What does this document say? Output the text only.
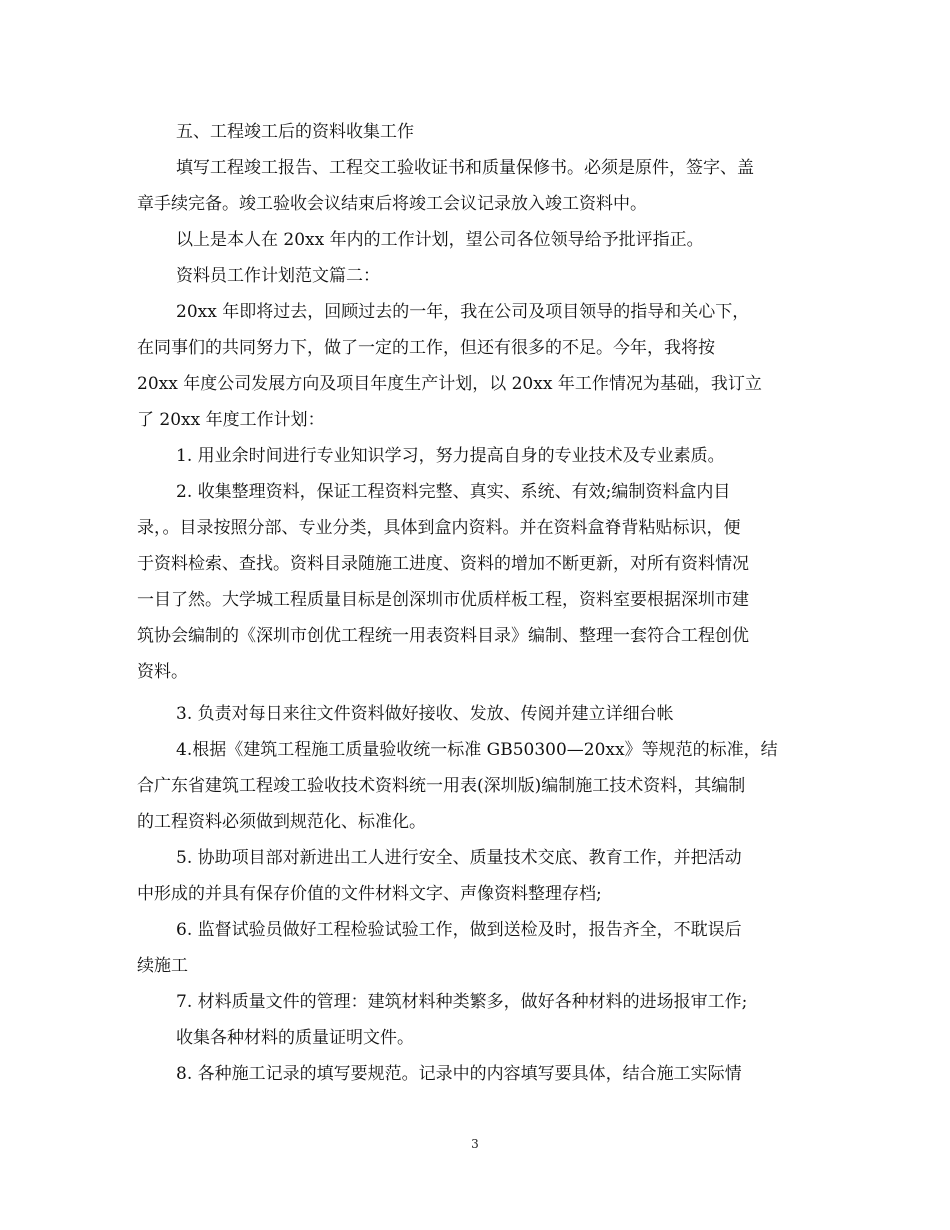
五、工程竣工后的资料收集工作
填写工程竣工报告、工程交工验收证书和质量保修书。必须是原件，签字、盖
章手续完备。竣工验收会议结束后将竣工会议记录放入竣工资料中。
以上是本人在 20xx 年内的工作计划，望公司各位领导给予批评指正。
资料员工作计划范文篇二：
20xx 年即将过去，回顾过去的一年，我在公司及项目领导的指导和关心下，
在同事们的共同努力下，做了一定的工作，但还有很多的不足。今年，我将按
20xx 年度公司发展方向及项目年度生产计划，以 20xx 年工作情况为基础，我订立
了 20xx 年度工作计划：
1. 用业余时间进行专业知识学习，努力提高自身的专业技术及专业素质。
2. 收集整理资料，保证工程资料完整、真实、系统、有效;编制资料盒内目
录，。目录按照分部、专业分类，具体到盒内资料。并在资料盒脊背粘贴标识，便
于资料检索、查找。资料目录随施工进度、资料的增加不断更新，对所有资料情况
一目了然。大学城工程质量目标是创深圳市优质样板工程，资料室要根据深圳市建
筑协会编制的《深圳市创优工程统一用表资料目录》编制、整理一套符合工程创优
资料。
3. 负责对每日来往文件资料做好接收、发放、传阅并建立详细台帐
4.根据《建筑工程施工质量验收统一标准 GB50300—20xx》等规范的标准，结
合广东省建筑工程竣工验收技术资料统一用表(深圳版)编制施工技术资料，其编制
的工程资料必须做到规范化、标准化。
5. 协助项目部对新进出工人进行安全、质量技术交底、教育工作，并把活动
中形成的并具有保存价值的文件材料文字、声像资料整理存档;
6. 监督试验员做好工程检验试验工作，做到送检及时，报告齐全，不耽误后
续施工
7. 材料质量文件的管理：建筑材料种类繁多，做好各种材料的进场报审工作;
收集各种材料的质量证明文件。
8. 各种施工记录的填写要规范。记录中的内容填写要具体，结合施工实际情
3
